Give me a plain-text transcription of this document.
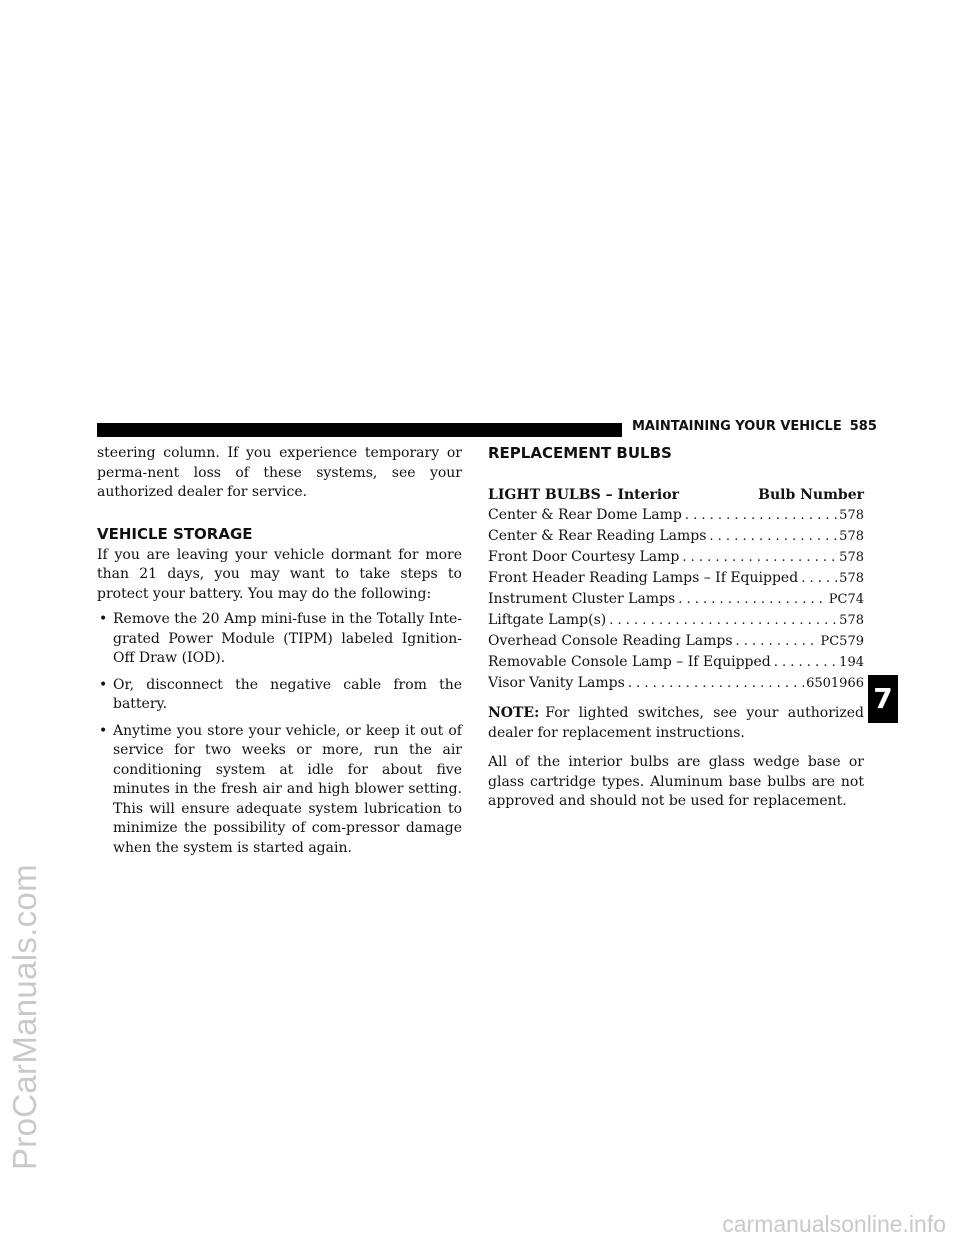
ProCarManuals.com
carmanualsonline.info
MAINTAINING YOUR VEHICLE 585
7

steering column. If you experience temporary or perma-nent loss of these systems, see your authorized dealer for service.

VEHICLE STORAGE

If you are leaving your vehicle dormant for more than 21 days, you may want to take steps to protect your battery. You may do the following:

• Remove the 20 Amp mini-fuse in the Totally Inte-grated Power Module (TIPM) labeled Ignition-Off Draw (IOD).

• Or, disconnect the negative cable from the battery.

• Anytime you store your vehicle, or keep it out of service for two weeks or more, run the air conditioning system at idle for about five minutes in the fresh air and high blower setting. This will ensure adequate system lubrication to minimize the possibility of com-pressor damage when the system is started again.

REPLACEMENT BULBS
LIGHT BULBS – Interior	Bulb Number
Center & Rear Dome Lamp . . .	578
Center & Rear Reading Lamps . . .	578
Front Door Courtesy Lamp . . .	578
Front Header Reading Lamps – If Equipped . . .	578
Instrument Cluster Lamps . . .	PC74
Liftgate Lamp(s) . . .	578
Overhead Console Reading Lamps . . .	PC579
Removable Console Lamp – If Equipped . . .	194
Visor Vanity Lamps . . .	6501966

NOTE: For lighted switches, see your authorized dealer for replacement instructions.

All of the interior bulbs are glass wedge base or glass cartridge types. Aluminum base bulbs are not approved and should not be used for replacement.
